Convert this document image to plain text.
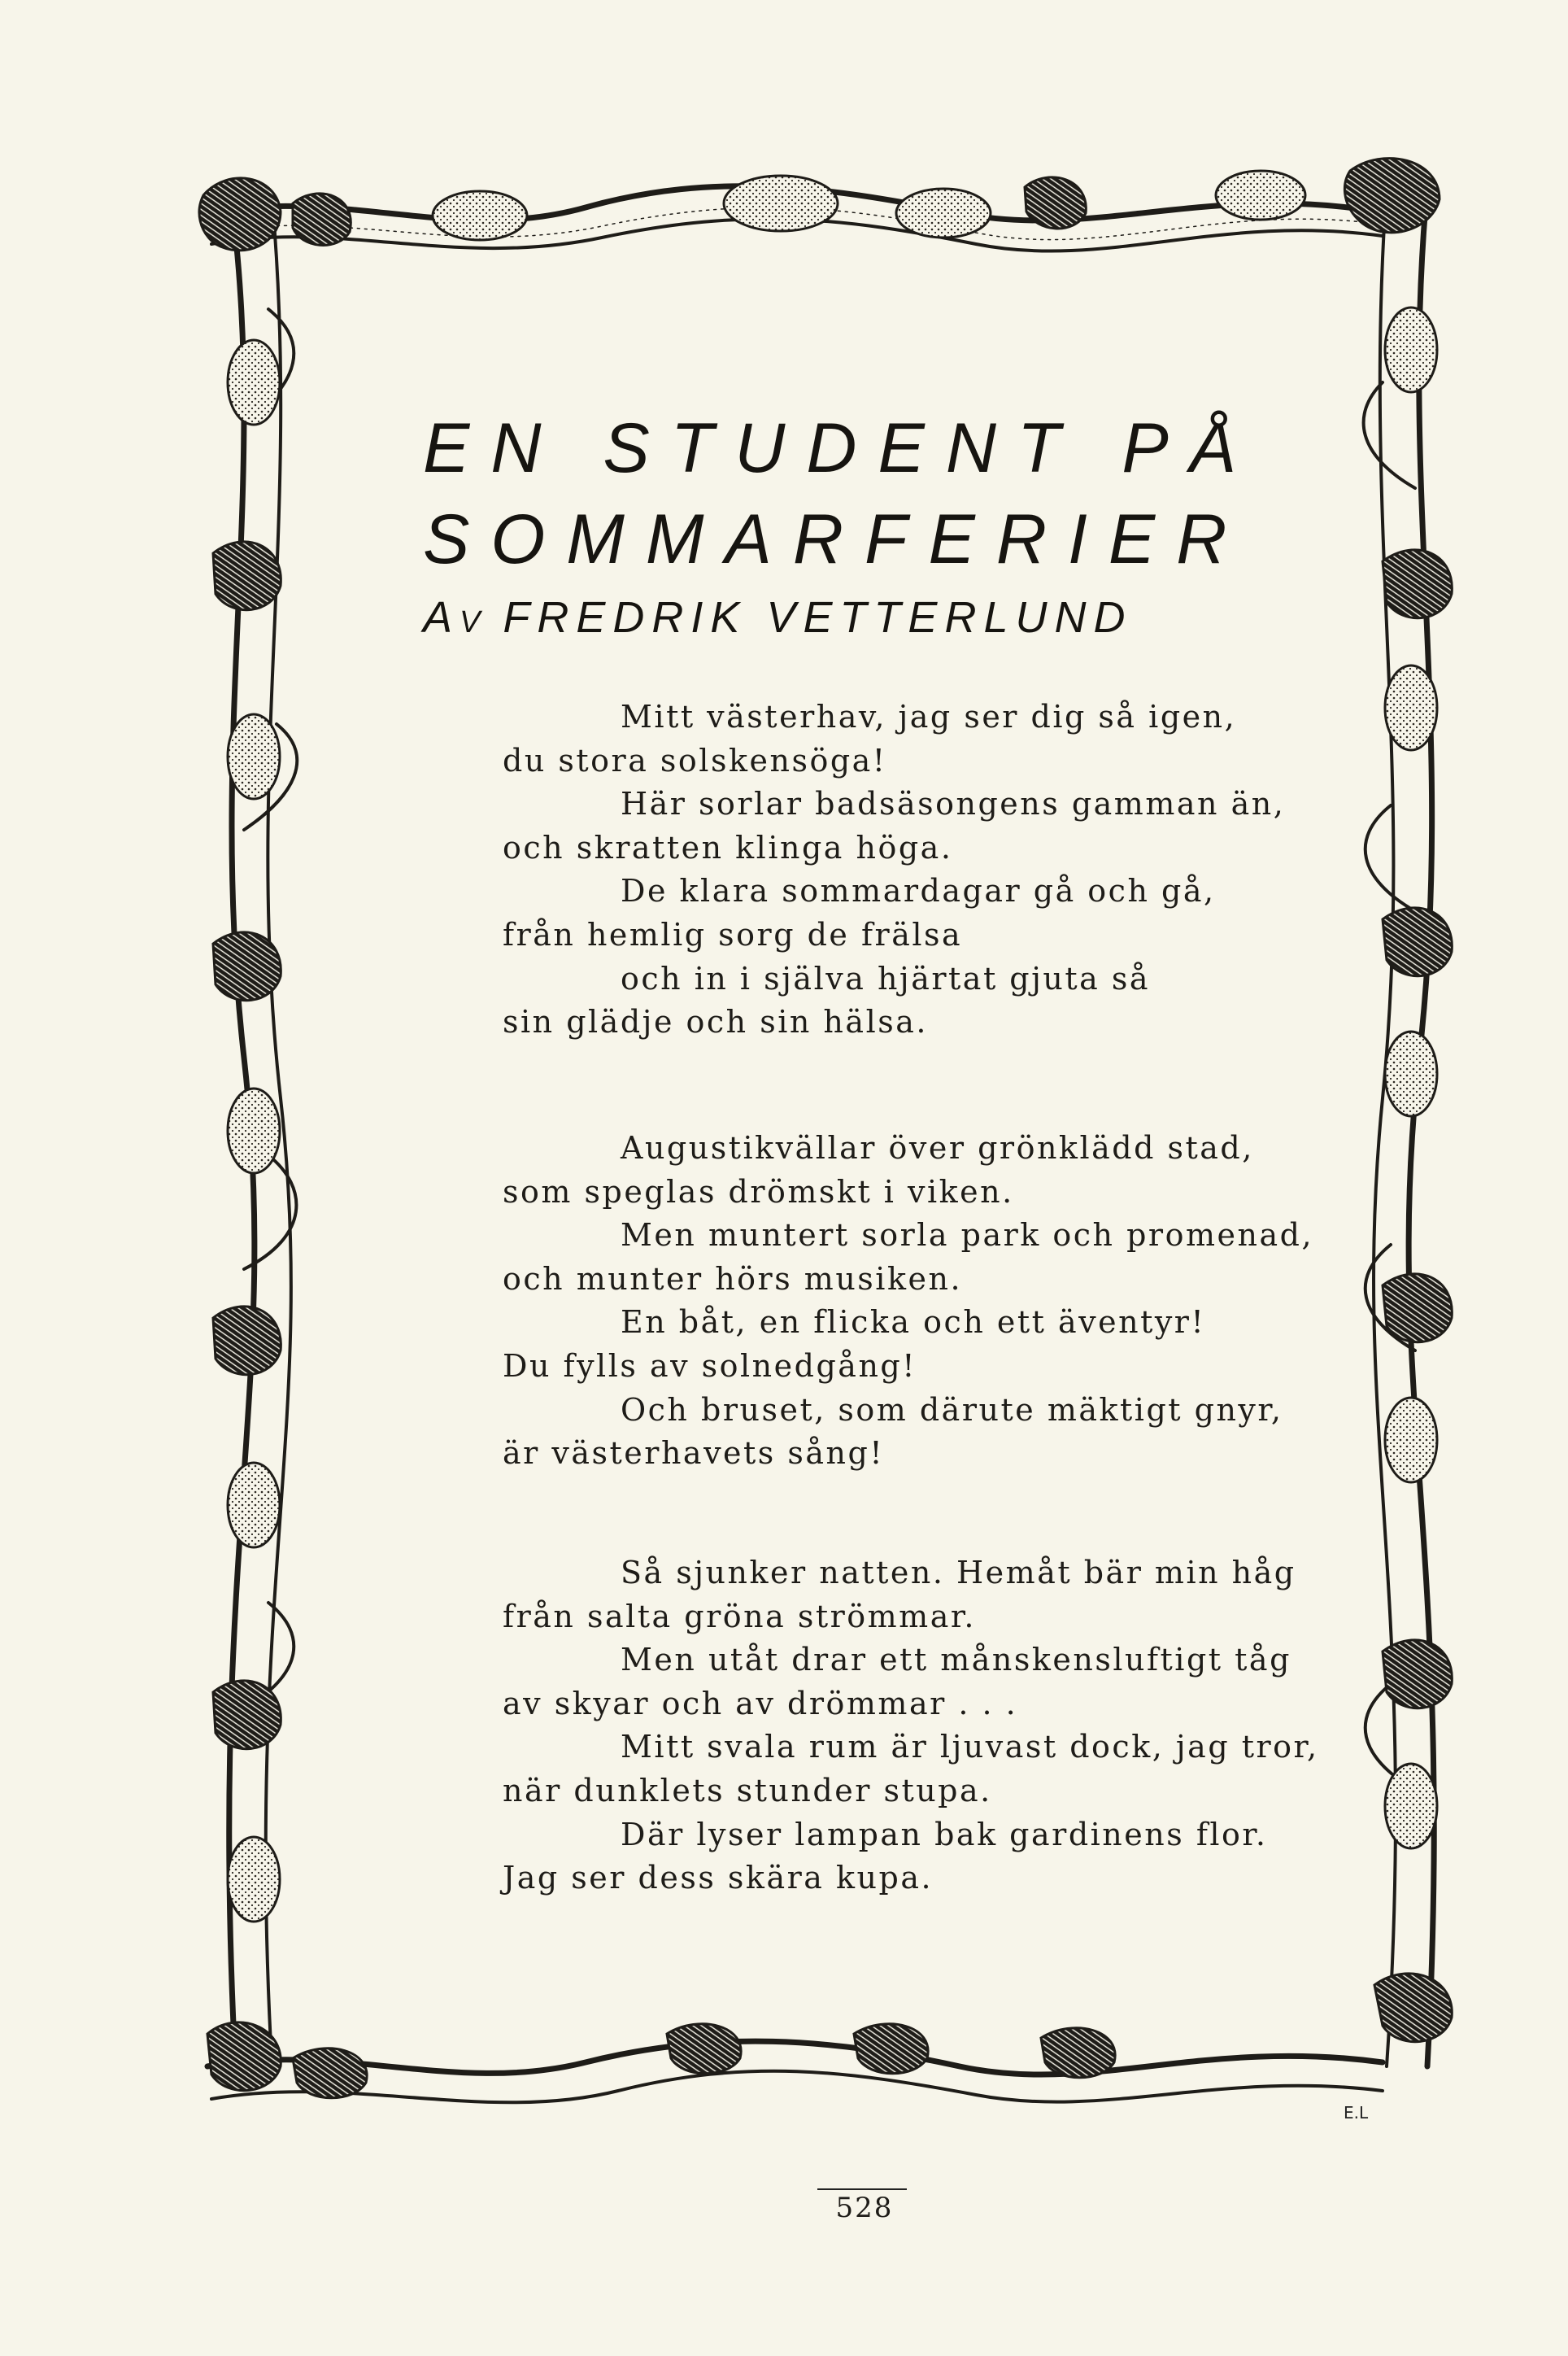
EN STUDENT PÅ
SOMMARFERIER
AV FREDRIK VETTERLUND
Mitt västerhav, jag ser dig så igen,
du stora solskensöga!
Här sorlar badsäsongens gamman än,
och skratten klinga höga.
De klara sommardagar gå och gå,
från hemlig sorg de frälsa
och in i själva hjärtat gjuta så
sin glädje och sin hälsa.
Augustikvällar över grönklädd stad,
som speglas drömskt i viken.
Men muntert sorla park och promenad,
och munter hörs musiken.
En båt, en flicka och ett äventyr!
Du fylls av solnedgång!
Och bruset, som därute mäktigt gnyr,
är västerhavets sång!
Så sjunker natten. Hemåt bär min håg
från salta gröna strömmar.
Men utåt drar ett månskensluftigt tåg
av skyar och av drömmar . . .
Mitt svala rum är ljuvast dock, jag tror,
när dunklets stunder stupa.
Där lyser lampan bak gardinens flor.
Jag ser dess skära kupa.
E.L
528
